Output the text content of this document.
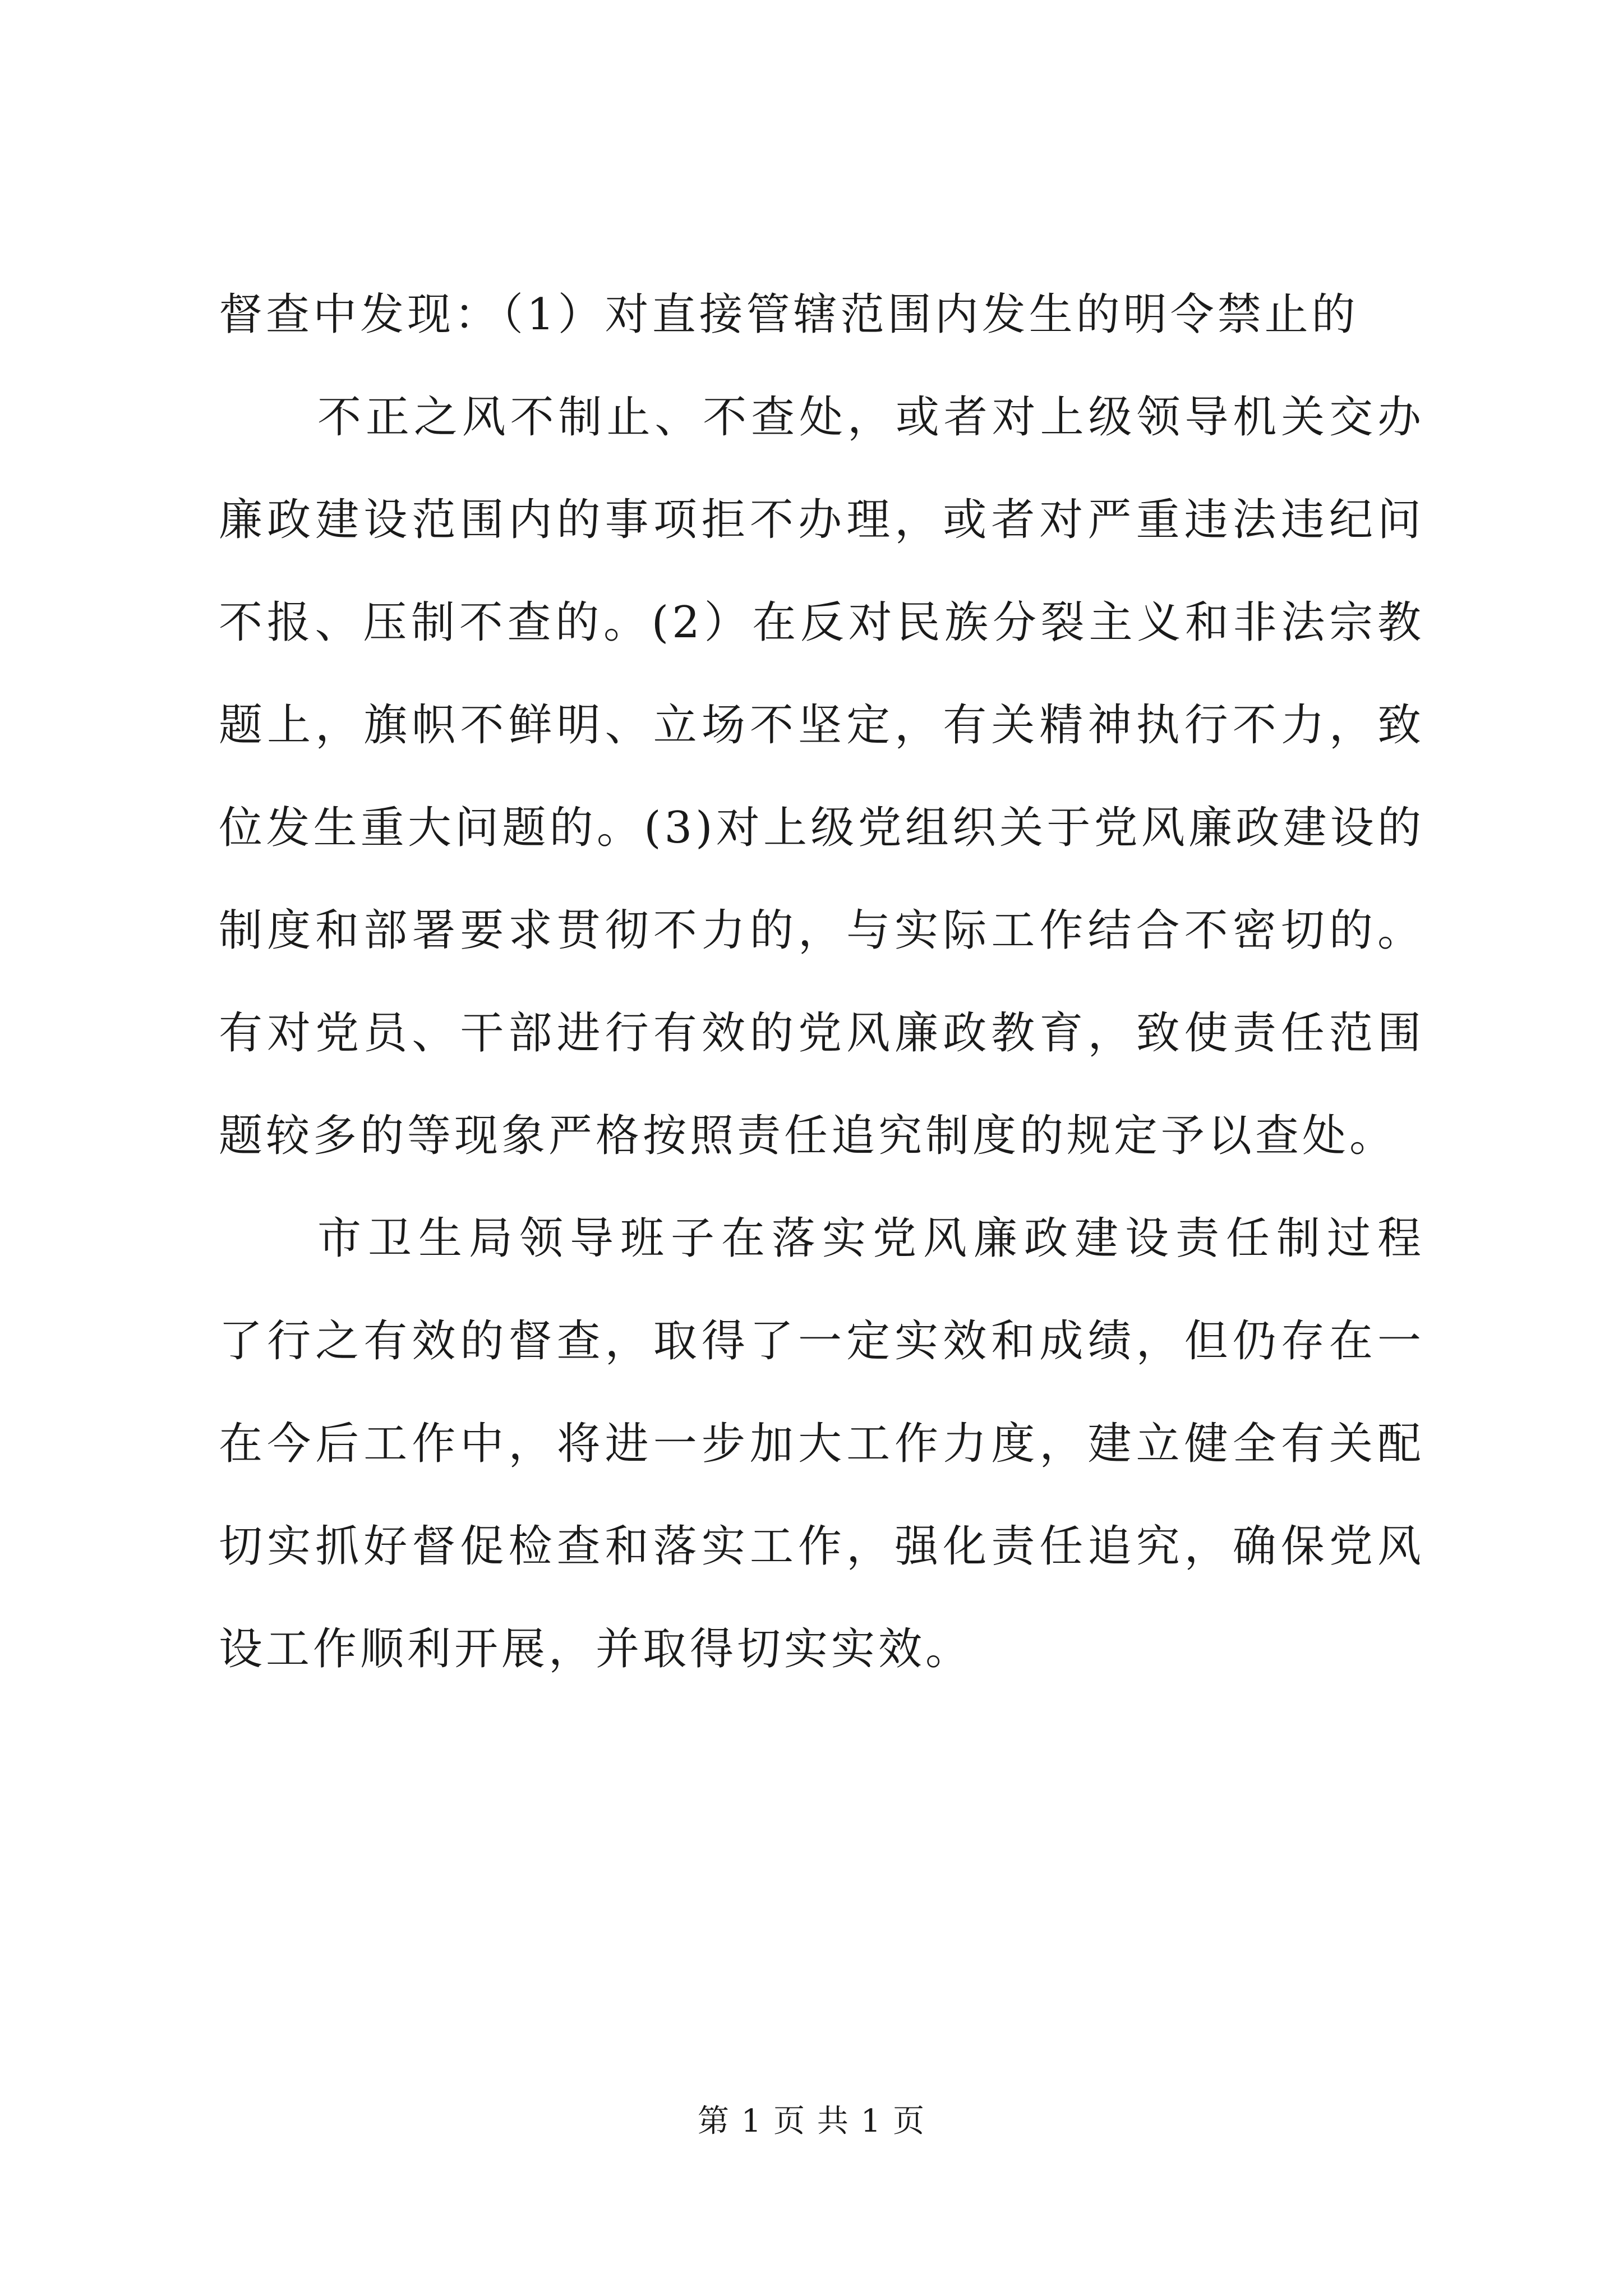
督查中发现：（1）对直接管辖范围内发生的明令禁止的
不正之风不制止、不查处，或者对上级领导机关交办
廉政建设范围内的事项拒不办理，或者对严重违法违纪问
不报、压制不查的。(2）在反对民族分裂主义和非法宗教
题上，旗帜不鲜明、立场不坚定，有关精神执行不力，致
位发生重大问题的。(3)对上级党组织关于党风廉政建设的
制度和部署要求贯彻不力的，与实际工作结合不密切的。
有对党员、干部进行有效的党风廉政教育，致使责任范围
题较多的等现象严格按照责任追究制度的规定予以查处。
市卫生局领导班子在落实党风廉政建设责任制过程
了行之有效的督查，取得了一定实效和成绩，但仍存在一
在今后工作中，将进一步加大工作力度，建立健全有关配
切实抓好督促检查和落实工作，强化责任追究，确保党风
设工作顺利开展，并取得切实实效。
第 1 页 共 1 页
